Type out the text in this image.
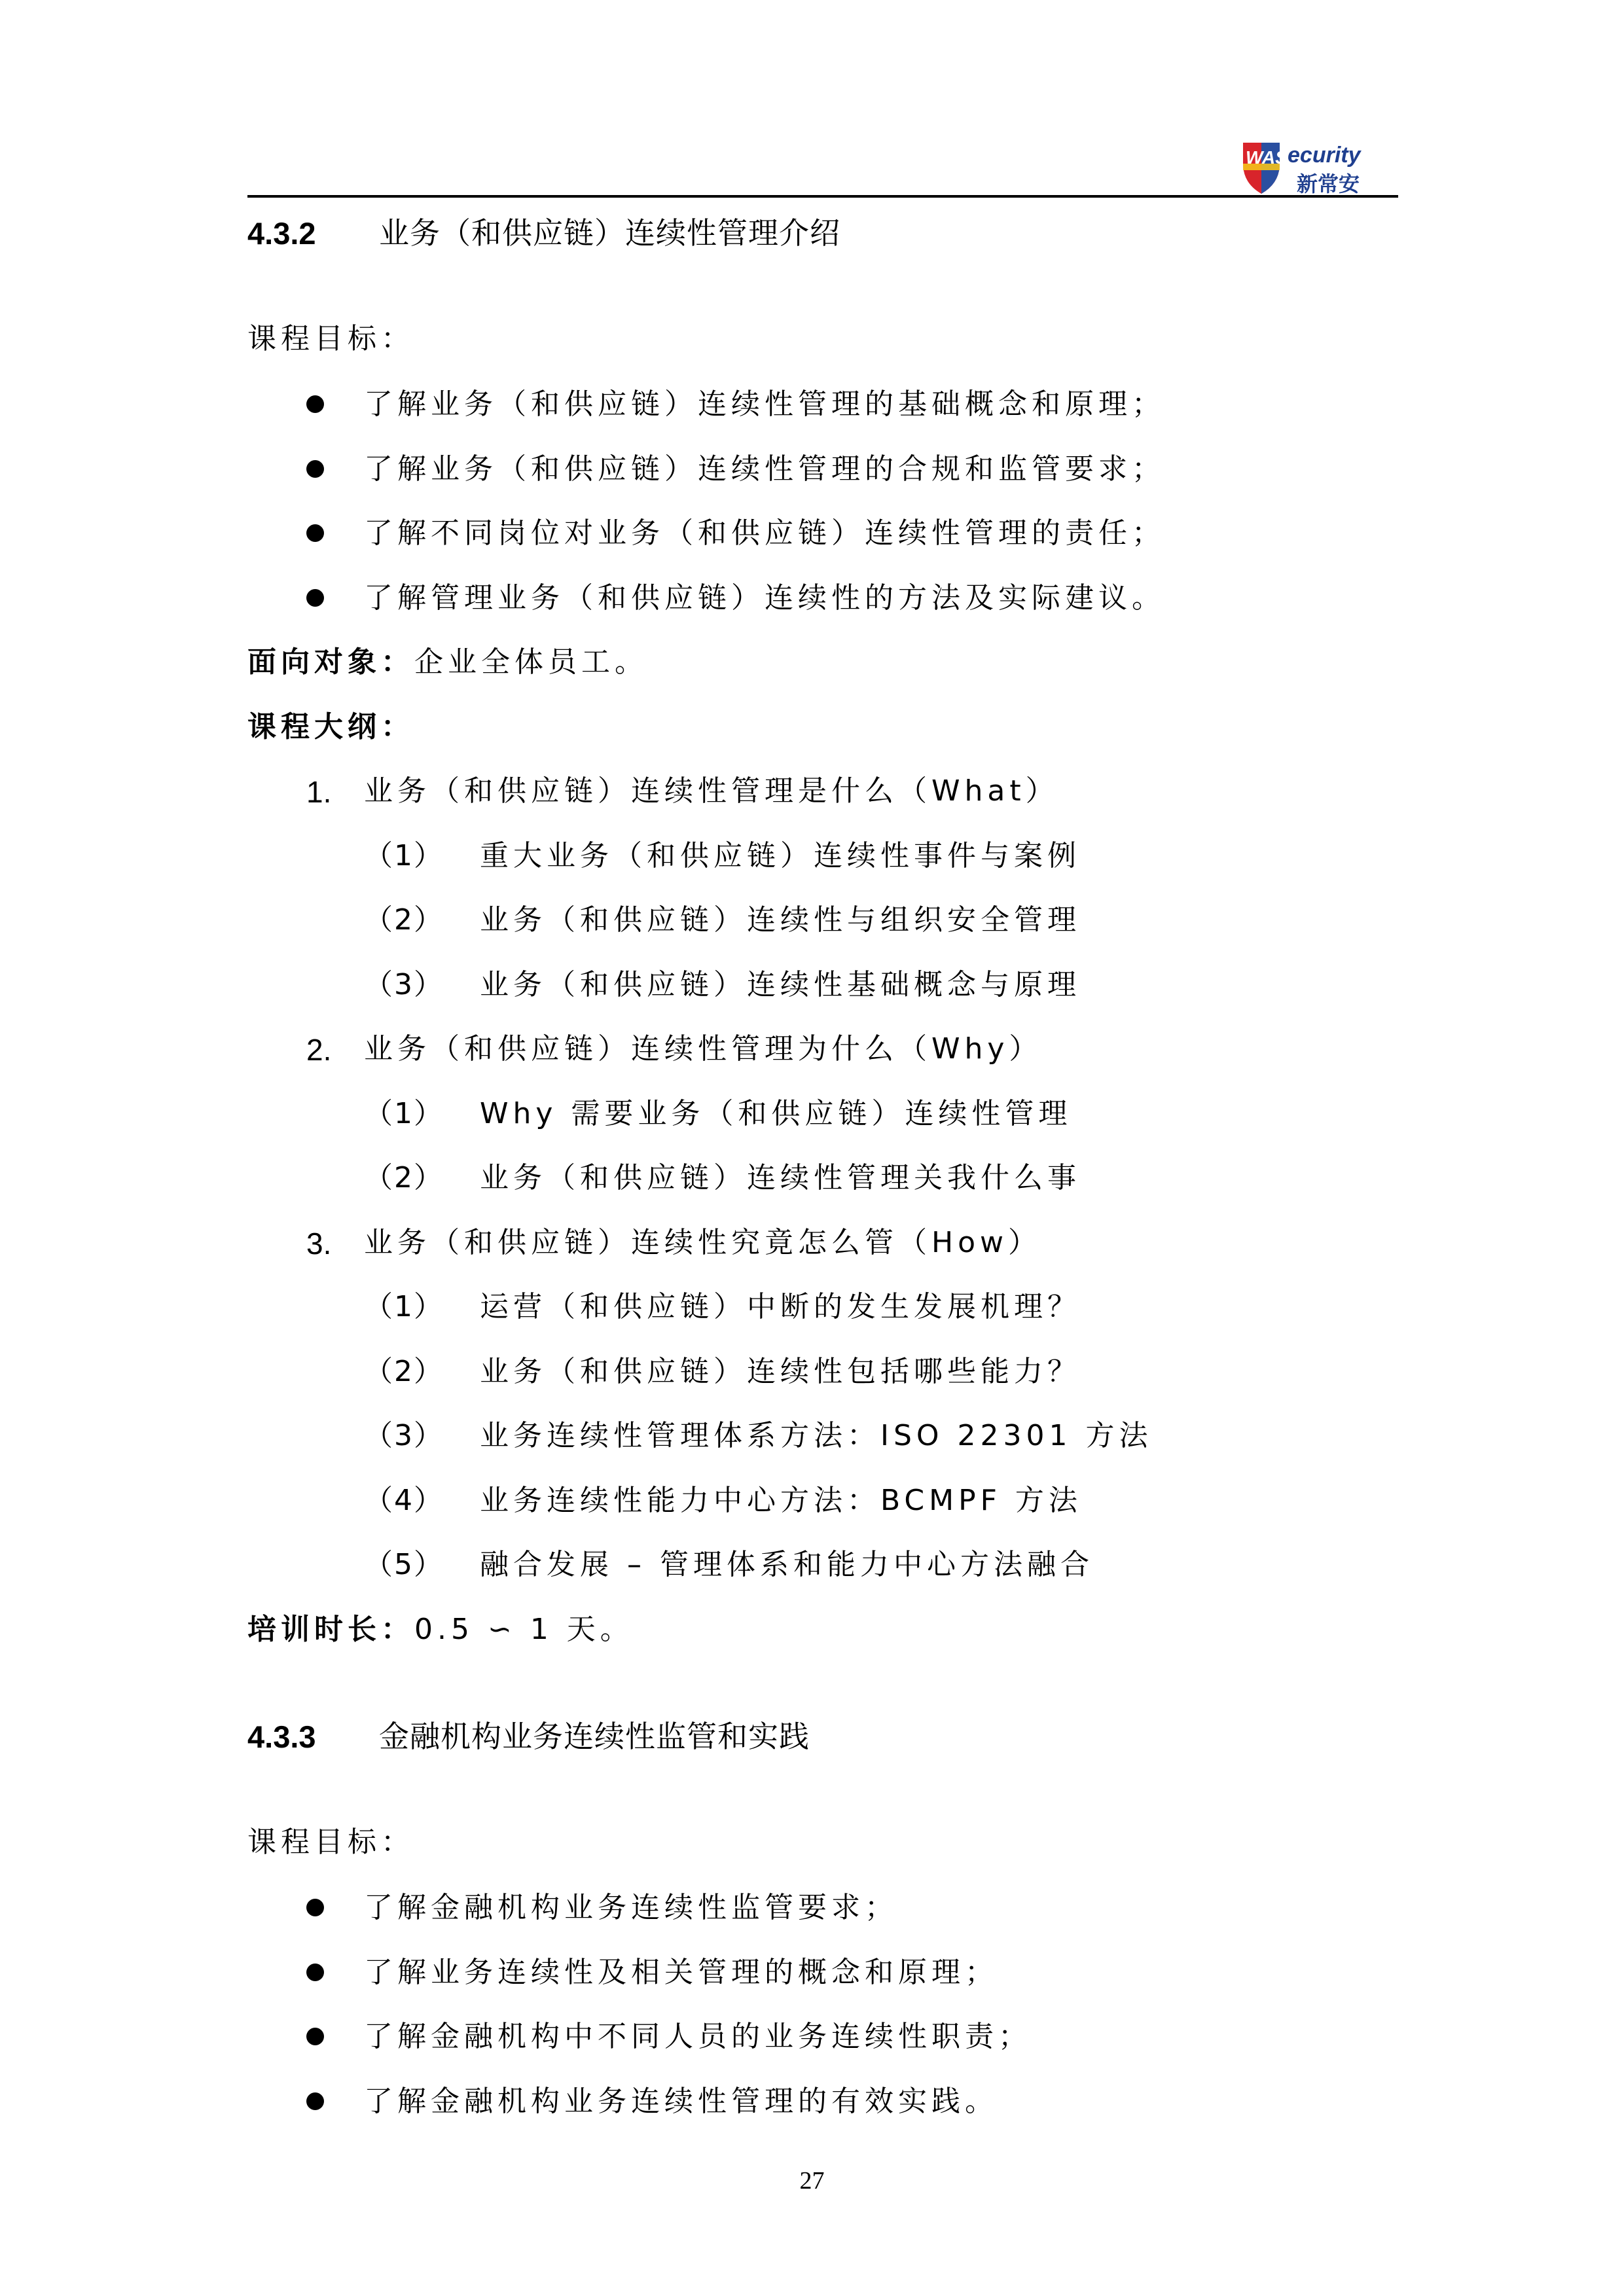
WAS ecurity
新常安
4.3.2 业务（和供应链）连续性管理介绍
课程目标：
了解业务（和供应链）连续性管理的基础概念和原理；
了解业务（和供应链）连续性管理的合规和监管要求；
了解不同岗位对业务（和供应链）连续性管理的责任；
了解管理业务（和供应链）连续性的方法及实际建议。
面向对象：企业全体员工。
课程大纲：
1. 业务（和供应链）连续性管理是什么（What）
（1） 重大业务（和供应链）连续性事件与案例
（2） 业务（和供应链）连续性与组织安全管理
（3） 业务（和供应链）连续性基础概念与原理
2. 业务（和供应链）连续性管理为什么（Why）
（1） Why 需要业务（和供应链）连续性管理
（2） 业务（和供应链）连续性管理关我什么事
3. 业务（和供应链）连续性究竟怎么管（How）
（1） 运营（和供应链）中断的发生发展机理？
（2） 业务（和供应链）连续性包括哪些能力？
（3） 业务连续性管理体系方法：ISO 22301 方法
（4） 业务连续性能力中心方法：BCMPF 方法
（5） 融合发展 – 管理体系和能力中心方法融合
培训时长：0.5 ∽ 1 天。
4.3.3 金融机构业务连续性监管和实践
课程目标：
了解金融机构业务连续性监管要求；
了解业务连续性及相关管理的概念和原理；
了解金融机构中不同人员的业务连续性职责；
了解金融机构业务连续性管理的有效实践。
27
